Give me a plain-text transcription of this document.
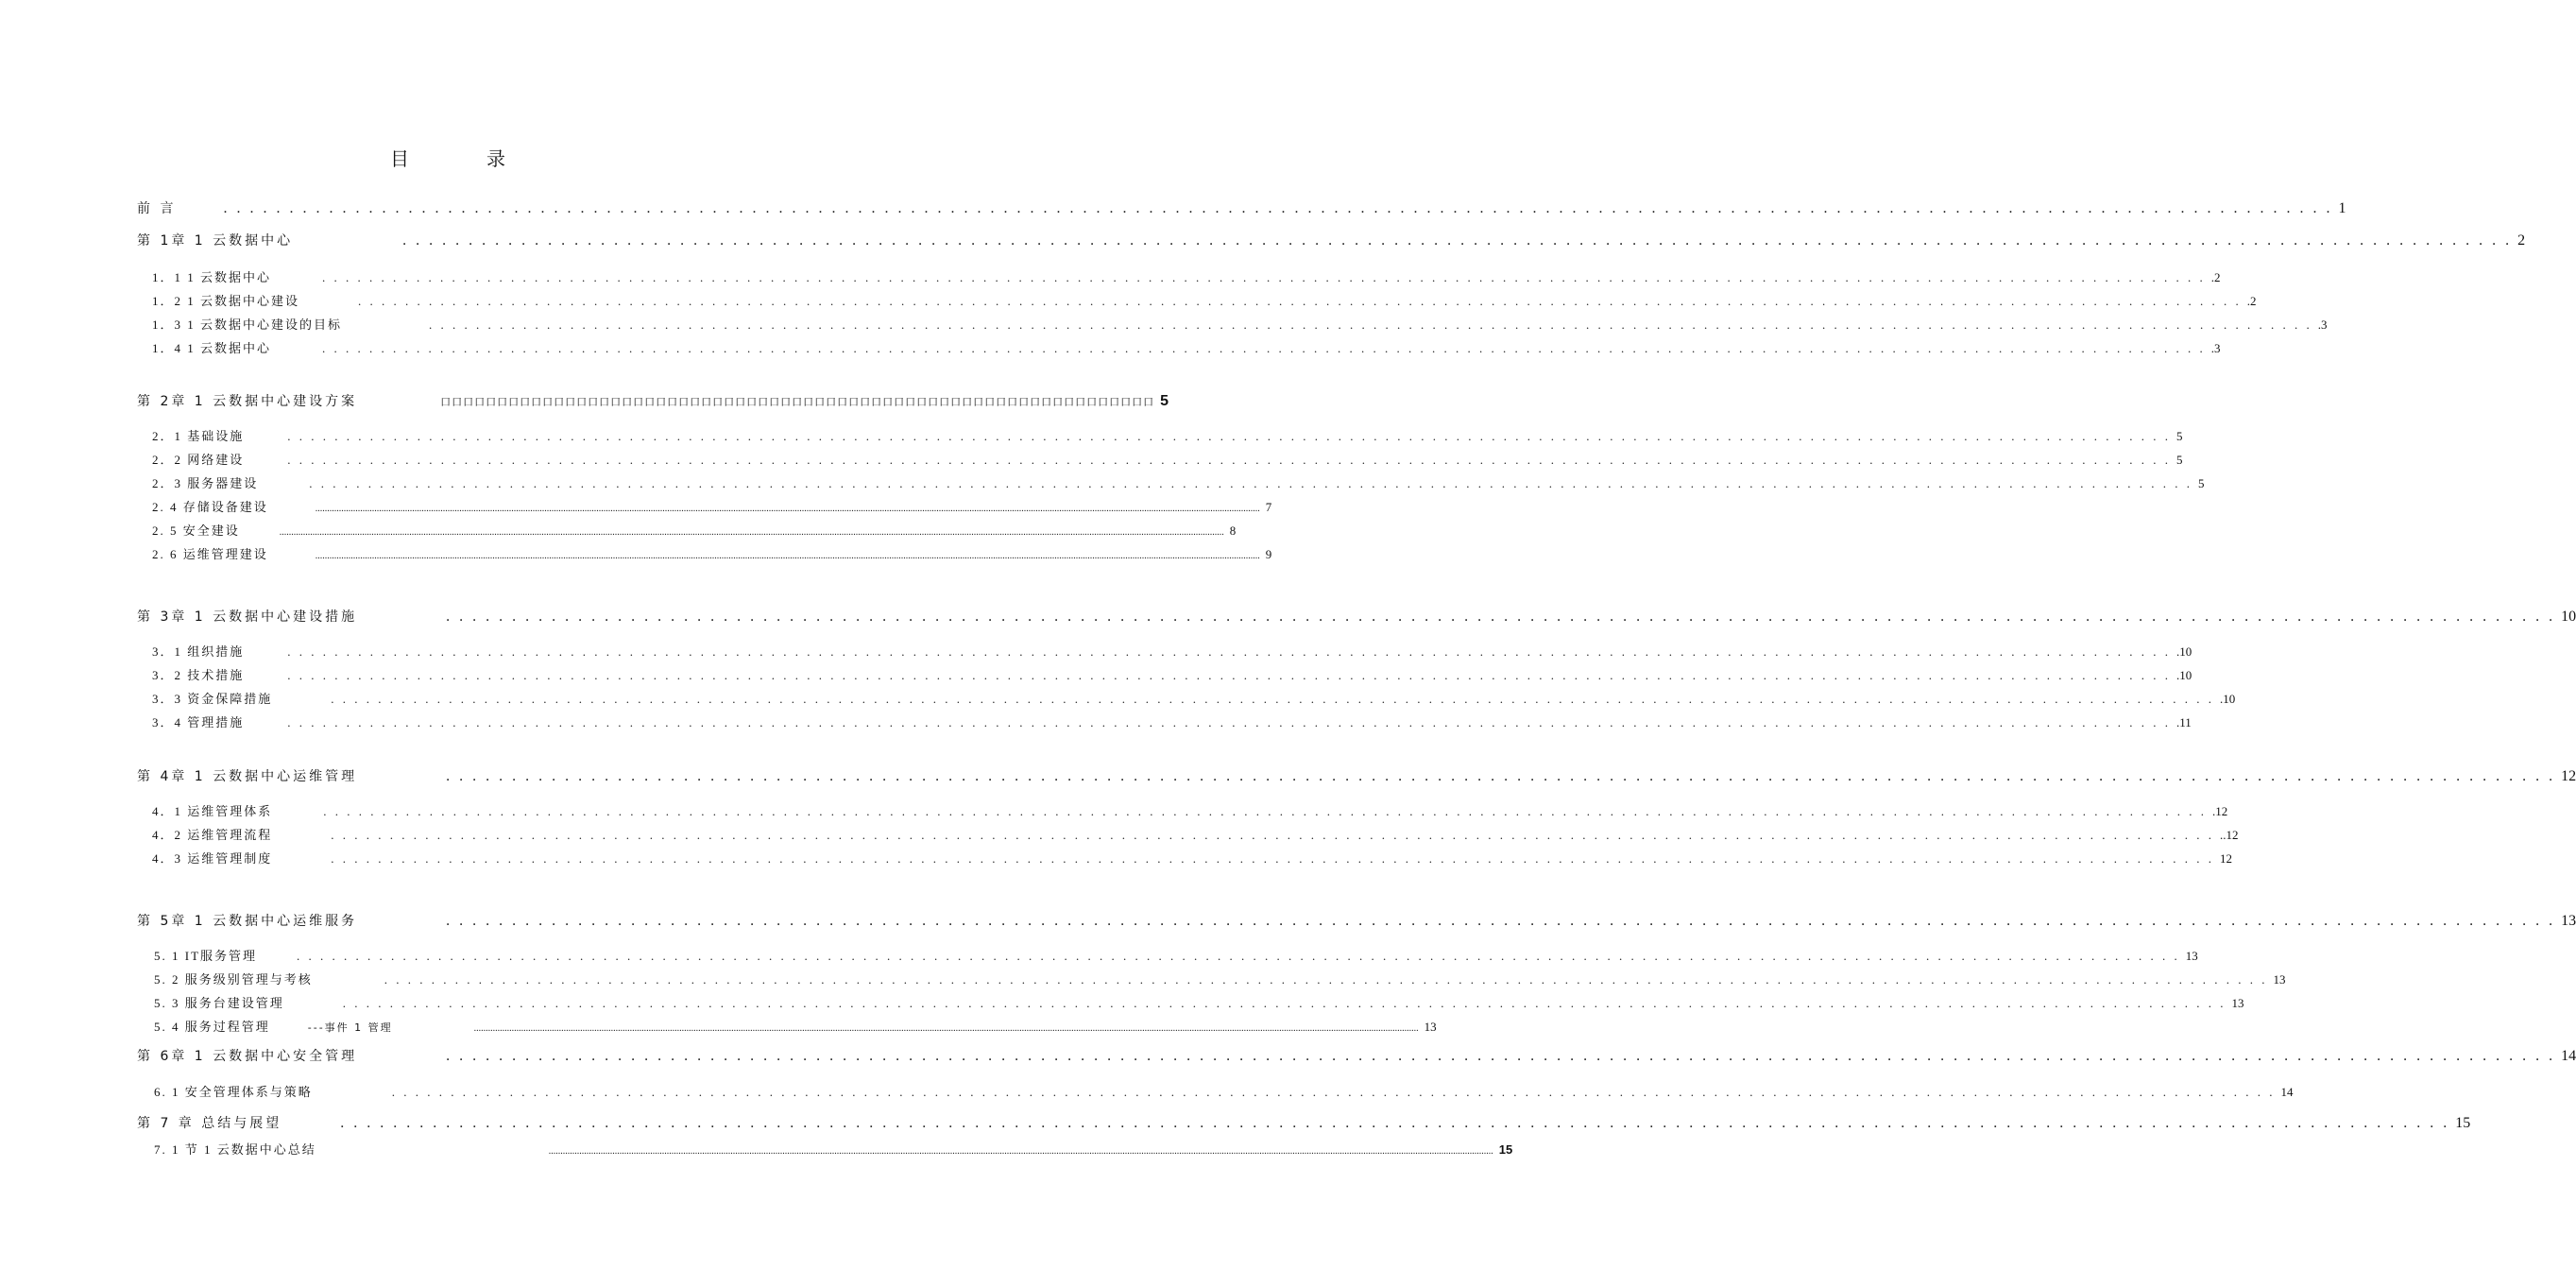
目	录
前 言	. . . . . . . . . . . . . . . . . . . . . . . . . . . . . . . . . . . . . . . . . . . . . . . . . . . . . . . . . . . . . . . . . . . . . . . . . . . . . . . . . . . . . . . . . . . . . . . . . . . . . . . . . . . . . . . . . . . . . . . . . . . . . . . . . . . . . . . . . . . . . . . . . . . . . . . . . . . . . . . . 1
第 1章 1 云数据中心	. . . . . . . . . . . . . . . . . . . . . . . . . . . . . . . . . . . . . . . . . . . . . . . . . . . . . . . . . . . . . . . . . . . . . . . . . . . . . . . . . . . . . . . . . . . . . . . . . . . . . . . . . . . . . . . . . . . . . . . . . . . . . . . . . . . . . . . . . . . . . . . . . . . . . . . . . . . . . . . . 2
1．1 1 云数据中心	. . . . . . . . . . . . . . . . . . . . . . . . . . . . . . . . . . . . . . . . . . . . . . . . . . . . . . . . . . . . . . . . . . . . . . . . . . . . . . . . . . . . . . . . . . . . . . . . . . . . . . . . . . . . . . . . . . . . . . . . . . . . . . . . . . . . . . . . . . . . . . . . . . . . . . . . . . . . . . . . .2
1．2 1 云数据中心建设	. . . . . . . . . . . . . . . . . . . . . . . . . . . . . . . . . . . . . . . . . . . . . . . . . . . . . . . . . . . . . . . . . . . . . . . . . . . . . . . . . . . . . . . . . . . . . . . . . . . . . . . . . . . . . . . . . . . . . . . . . . . . . . . . . . . . . . . . . . . . . . . . . . . . . . . . . . . . . . . . .2
1．3 1 云数据中心建设的目标	. . . . . . . . . . . . . . . . . . . . . . . . . . . . . . . . . . . . . . . . . . . . . . . . . . . . . . . . . . . . . . . . . . . . . . . . . . . . . . . . . . . . . . . . . . . . . . . . . . . . . . . . . . . . . . . . . . . . . . . . . . . . . . . . . . . . . . . . . . . . . . . . . . . . . . . . . . . . . . . . .3
1．4 1 云数据中心	. . . . . . . . . . . . . . . . . . . . . . . . . . . . . . . . . . . . . . . . . . . . . . . . . . . . . . . . . . . . . . . . . . . . . . . . . . . . . . . . . . . . . . . . . . . . . . . . . . . . . . . . . . . . . . . . . . . . . . . . . . . . . . . . . . . . . . . . . . . . . . . . . . . . . . . . . . . . . . . . .3
第 2章 1 云数据中心建设方案	口口口口口口口口口口口口口口口口口口口口口口口口口口口口口口口口口口口口口口口口口口口口口口口口口口口口口口口口口口口口口口口 5
2．1 基础设施	. . . . . . . . . . . . . . . . . . . . . . . . . . . . . . . . . . . . . . . . . . . . . . . . . . . . . . . . . . . . . . . . . . . . . . . . . . . . . . . . . . . . . . . . . . . . . . . . . . . . . . . . . . . . . . . . . . . . . . . . . . . . . . . . . . . . . . . . . . . . . . . . . . . . . . . . . . . . . . . . 5
2．2 网络建设	. . . . . . . . . . . . . . . . . . . . . . . . . . . . . . . . . . . . . . . . . . . . . . . . . . . . . . . . . . . . . . . . . . . . . . . . . . . . . . . . . . . . . . . . . . . . . . . . . . . . . . . . . . . . . . . . . . . . . . . . . . . . . . . . . . . . . . . . . . . . . . . . . . . . . . . . . . . . . . . . 5
2．3 服务器建设	. . . . . . . . . . . . . . . . . . . . . . . . . . . . . . . . . . . . . . . . . . . . . . . . . . . . . . . . . . . . . . . . . . . . . . . . . . . . . . . . . . . . . . . . . . . . . . . . . . . . . . . . . . . . . . . . . . . . . . . . . . . . . . . . . . . . . . . . . . . . . . . . . . . . . . . . . . . . . . . . 5
2. 4 存储设备建设	................................................................................................................................................................................................................................................................................................................................................................................................................ 7
2. 5 安全建设	................................................................................................................................................................................................................................................................................................................................................................................................................ 8
2. 6 运维管理建设	................................................................................................................................................................................................................................................................................................................................................................................................................ 9
第 3章 1 云数据中心建设措施	. . . . . . . . . . . . . . . . . . . . . . . . . . . . . . . . . . . . . . . . . . . . . . . . . . . . . . . . . . . . . . . . . . . . . . . . . . . . . . . . . . . . . . . . . . . . . . . . . . . . . . . . . . . . . . . . . . . . . . . . . . . . . . . . . . . . . . . . . . . . . . . . . . . . . . . . . . . . . . . . 10
3．1 组织措施	. . . . . . . . . . . . . . . . . . . . . . . . . . . . . . . . . . . . . . . . . . . . . . . . . . . . . . . . . . . . . . . . . . . . . . . . . . . . . . . . . . . . . . . . . . . . . . . . . . . . . . . . . . . . . . . . . . . . . . . . . . . . . . . . . . . . . . . . . . . . . . . . . . . . . . . . . . . . . . . . .10
3．2 技术措施	. . . . . . . . . . . . . . . . . . . . . . . . . . . . . . . . . . . . . . . . . . . . . . . . . . . . . . . . . . . . . . . . . . . . . . . . . . . . . . . . . . . . . . . . . . . . . . . . . . . . . . . . . . . . . . . . . . . . . . . . . . . . . . . . . . . . . . . . . . . . . . . . . . . . . . . . . . . . . . . . .10
3．3 资金保障措施	. . . . . . . . . . . . . . . . . . . . . . . . . . . . . . . . . . . . . . . . . . . . . . . . . . . . . . . . . . . . . . . . . . . . . . . . . . . . . . . . . . . . . . . . . . . . . . . . . . . . . . . . . . . . . . . . . . . . . . . . . . . . . . . . . . . . . . . . . . . . . . . . . . . . . . . . . . . . . . . . .10
3．4 管理措施	. . . . . . . . . . . . . . . . . . . . . . . . . . . . . . . . . . . . . . . . . . . . . . . . . . . . . . . . . . . . . . . . . . . . . . . . . . . . . . . . . . . . . . . . . . . . . . . . . . . . . . . . . . . . . . . . . . . . . . . . . . . . . . . . . . . . . . . . . . . . . . . . . . . . . . . . . . . . . . . . .11
第 4章 1 云数据中心运维管理	. . . . . . . . . . . . . . . . . . . . . . . . . . . . . . . . . . . . . . . . . . . . . . . . . . . . . . . . . . . . . . . . . . . . . . . . . . . . . . . . . . . . . . . . . . . . . . . . . . . . . . . . . . . . . . . . . . . . . . . . . . . . . . . . . . . . . . . . . . . . . . . . . . . . . . . . . . . . . . . . 12
4．1 运维管理体系	. . . . . . . . . . . . . . . . . . . . . . . . . . . . . . . . . . . . . . . . . . . . . . . . . . . . . . . . . . . . . . . . . . . . . . . . . . . . . . . . . . . . . . . . . . . . . . . . . . . . . . . . . . . . . . . . . . . . . . . . . . . . . . . . . . . . . . . . . . . . . . . . . . . . . . . . . . . . . . . . .12
4．2 运维管理流程	. . . . . . . . . . . . . . . . . . . . . . . . . . . . . . . . . . . . . . . . . . . . . . . . . . . . . . . . . . . . . . . . . . . . . . . . . . . . . . . . . . . . . . . . . . . . . . . . . . . . . . . . . . . . . . . . . . . . . . . . . . . . . . . . . . . . . . . . . . . . . . . . . . . . . . . . . . . . . . . . ..12
4．3 运维管理制度	. . . . . . . . . . . . . . . . . . . . . . . . . . . . . . . . . . . . . . . . . . . . . . . . . . . . . . . . . . . . . . . . . . . . . . . . . . . . . . . . . . . . . . . . . . . . . . . . . . . . . . . . . . . . . . . . . . . . . . . . . . . . . . . . . . . . . . . . . . . . . . . . . . . . . . . . . . . . . . . . 12
第 5章 1 云数据中心运维服务	. . . . . . . . . . . . . . . . . . . . . . . . . . . . . . . . . . . . . . . . . . . . . . . . . . . . . . . . . . . . . . . . . . . . . . . . . . . . . . . . . . . . . . . . . . . . . . . . . . . . . . . . . . . . . . . . . . . . . . . . . . . . . . . . . . . . . . . . . . . . . . . . . . . . . . . . . . . . . . . . 13
5. 1 IT服务管理	. . . . . . . . . . . . . . . . . . . . . . . . . . . . . . . . . . . . . . . . . . . . . . . . . . . . . . . . . . . . . . . . . . . . . . . . . . . . . . . . . . . . . . . . . . . . . . . . . . . . . . . . . . . . . . . . . . . . . . . . . . . . . . . . . . . . . . . . . . . . . . . . . . . . . . . . . . . . . . . . 13
5. 2 服务级别管理与考核	. . . . . . . . . . . . . . . . . . . . . . . . . . . . . . . . . . . . . . . . . . . . . . . . . . . . . . . . . . . . . . . . . . . . . . . . . . . . . . . . . . . . . . . . . . . . . . . . . . . . . . . . . . . . . . . . . . . . . . . . . . . . . . . . . . . . . . . . . . . . . . . . . . . . . . . . . . . . . . . . 13
5. 3 服务台建设管理	. . . . . . . . . . . . . . . . . . . . . . . . . . . . . . . . . . . . . . . . . . . . . . . . . . . . . . . . . . . . . . . . . . . . . . . . . . . . . . . . . . . . . . . . . . . . . . . . . . . . . . . . . . . . . . . . . . . . . . . . . . . . . . . . . . . . . . . . . . . . . . . . . . . . . . . . . . . . . . . . 13
5. 4 服务过程管理	---事件 1 管理	................................................................................................................................................................................................................................................................................................................................................................................................................ 13
第 6章 1 云数据中心安全管理	. . . . . . . . . . . . . . . . . . . . . . . . . . . . . . . . . . . . . . . . . . . . . . . . . . . . . . . . . . . . . . . . . . . . . . . . . . . . . . . . . . . . . . . . . . . . . . . . . . . . . . . . . . . . . . . . . . . . . . . . . . . . . . . . . . . . . . . . . . . . . . . . . . . . . . . . . . . . . . . . 14
6. 1 安全管理体系与策略	. . . . . . . . . . . . . . . . . . . . . . . . . . . . . . . . . . . . . . . . . . . . . . . . . . . . . . . . . . . . . . . . . . . . . . . . . . . . . . . . . . . . . . . . . . . . . . . . . . . . . . . . . . . . . . . . . . . . . . . . . . . . . . . . . . . . . . . . . . . . . . . . . . . . . . . . . . . . . . . . 14
第 7 章 总结与展望	. . . . . . . . . . . . . . . . . . . . . . . . . . . . . . . . . . . . . . . . . . . . . . . . . . . . . . . . . . . . . . . . . . . . . . . . . . . . . . . . . . . . . . . . . . . . . . . . . . . . . . . . . . . . . . . . . . . . . . . . . . . . . . . . . . . . . . . . . . . . . . . . . . . . . . . . . . . . . . . . 15
7. 1 节 1 云数据中心总结	................................................................................................................................................................................................................................................................................................................................................................................................................ 15
